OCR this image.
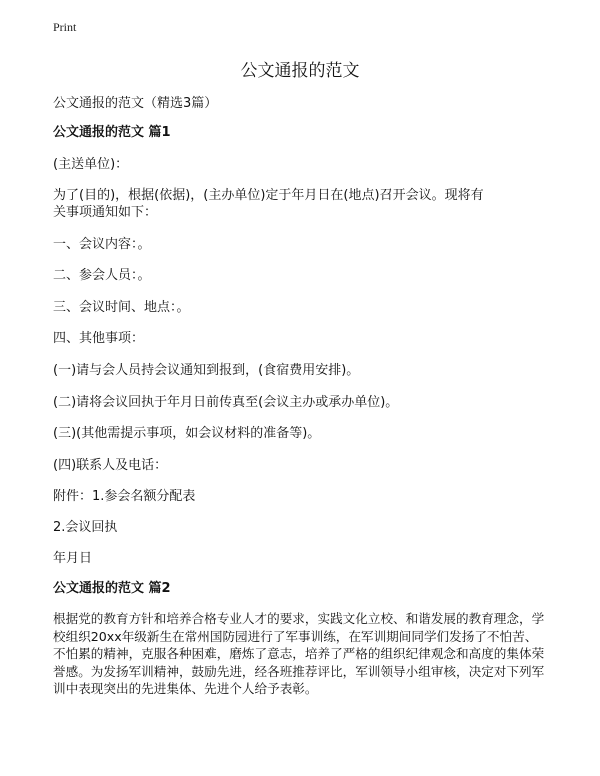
Print
公文通报的范文

公文通报的范文（精选3篇）

公文通报的范文 篇1

(主送单位)：

为了(目的)，根据(依据)，(主办单位)定于年月日在(地点)召开会议。现将有关事项通知如下：

一、会议内容：。

二、参会人员：。

三、会议时间、地点：。

四、其他事项：

(一)请与会人员持会议通知到报到，(食宿费用安排)。

(二)请将会议回执于年月日前传真至(会议主办或承办单位)。

(三)(其他需提示事项，如会议材料的准备等)。

(四)联系人及电话：

附件：1.参会名额分配表

2.会议回执

年月日

公文通报的范文 篇2

根据党的教育方针和培养合格专业人才的要求，实践文化立校、和谐发展的教育理念，学校组织20xx年级新生在常州国防园进行了军事训练，在军训期间同学们发扬了不怕苦、不怕累的精神，克服各种困难，磨炼了意志，培养了严格的组织纪律观念和高度的集体荣誉感。为发扬军训精神，鼓励先进，经各班推荐评比，军训领导小组审核，决定对下列军训中表现突出的先进集体、先进个人给予表彰。
